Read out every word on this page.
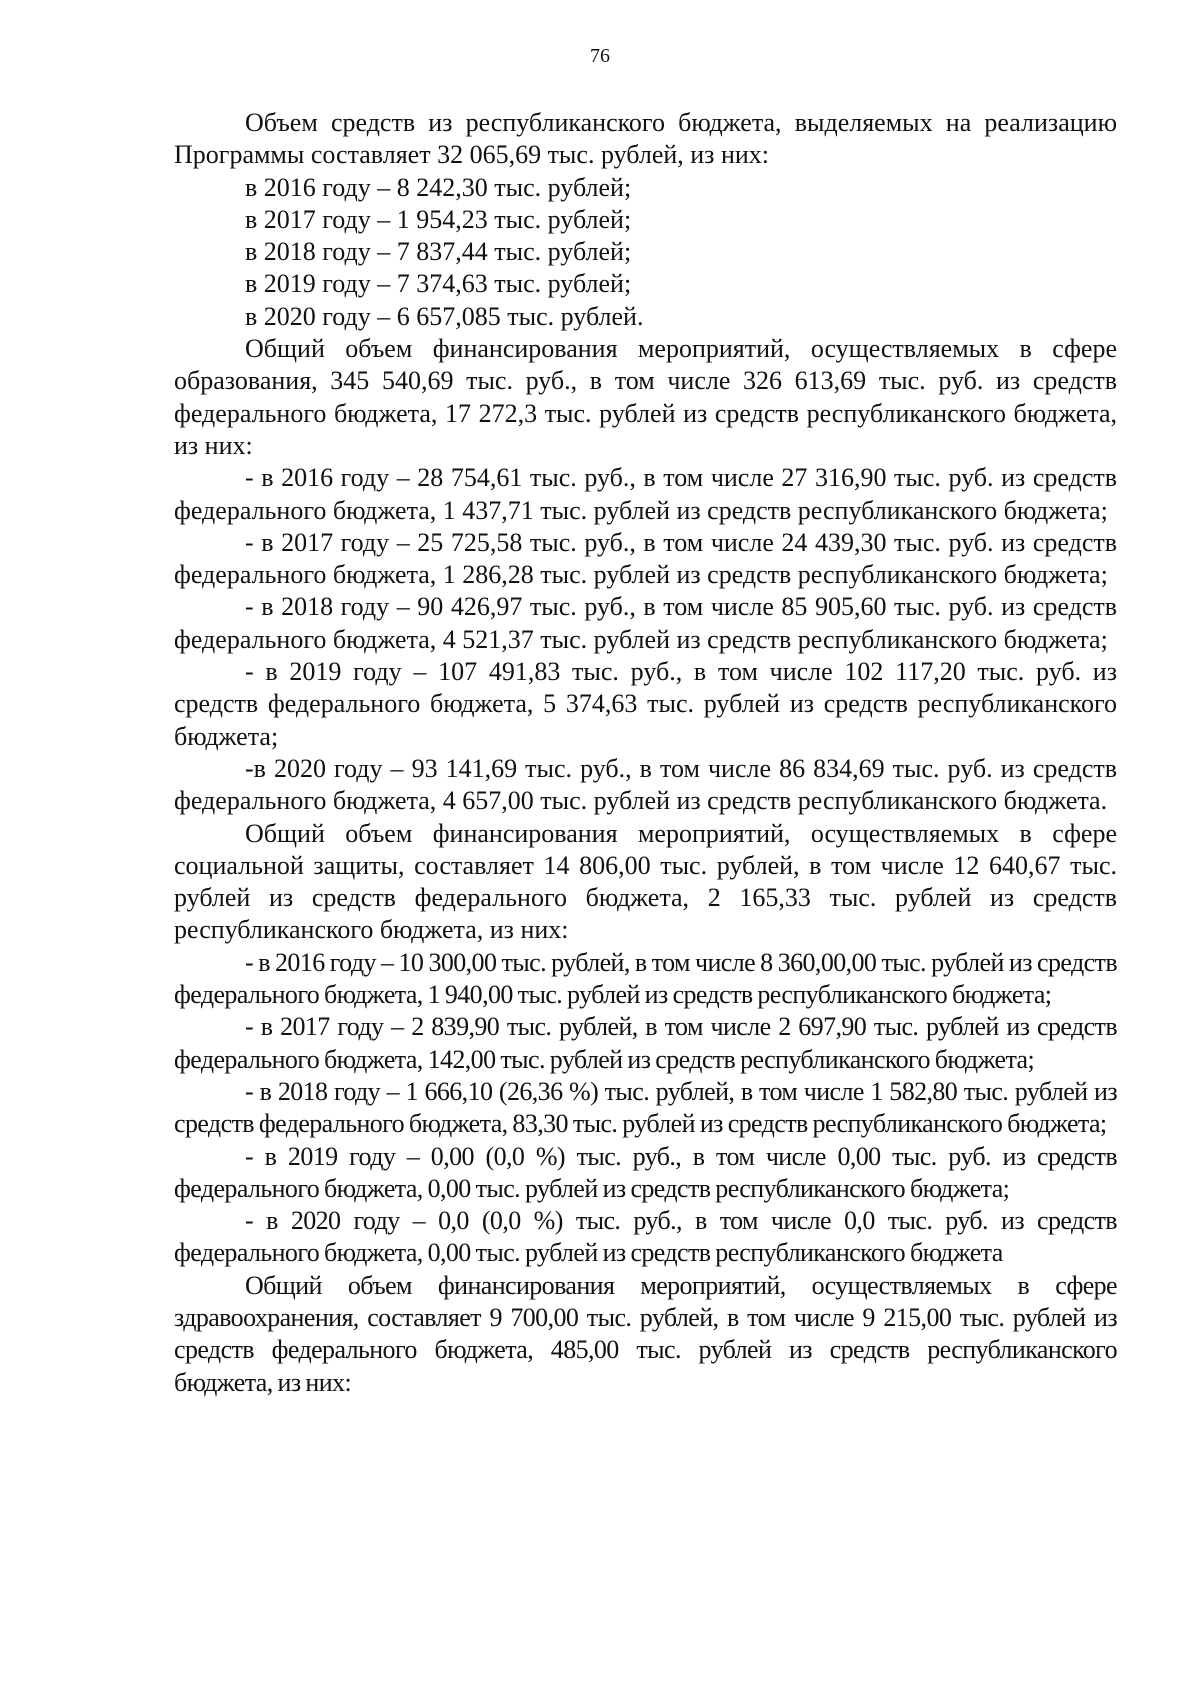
76

Объем средств из республиканского бюджета, выделяемых на реализацию Программы составляет 32 065,69 тыс. рублей, из них:

в 2016 году – 8 242,30 тыс. рублей;

в 2017 году – 1 954,23 тыс. рублей;

в 2018 году – 7 837,44 тыс. рублей;

в 2019 году – 7 374,63 тыс. рублей;

в 2020 году – 6 657,085 тыс. рублей.

Общий объем финансирования мероприятий, осуществляемых в сфере образования, 345 540,69 тыс. руб., в том числе 326 613,69 тыс. руб. из средств федерального бюджета, 17 272,3 тыс. рублей из средств республиканского бюджета, из них:

- в 2016 году – 28 754,61 тыс. руб., в том числе 27 316,90 тыс. руб. из средств федерального бюджета, 1 437,71 тыс. рублей из средств республиканского бюджета;

- в 2017 году – 25 725,58 тыс. руб., в том числе 24 439,30 тыс. руб. из средств федерального бюджета, 1 286,28 тыс. рублей из средств республиканского бюджета;

- в 2018 году – 90 426,97 тыс. руб., в том числе 85 905,60 тыс. руб. из средств федерального бюджета, 4 521,37 тыс. рублей из средств республиканского бюджета;

- в 2019 году – 107 491,83 тыс. руб., в том числе 102 117,20 тыс. руб. из средств федерального бюджета, 5 374,63 тыс. рублей из средств республиканского бюджета;

-в 2020 году – 93 141,69 тыс. руб., в том числе 86 834,69 тыс. руб. из средств федерального бюджета, 4 657,00 тыс. рублей из средств республиканского бюджета.

Общий объем финансирования мероприятий, осуществляемых в сфере социальной защиты, составляет 14 806,00 тыс. рублей, в том числе 12 640,67 тыс. рублей из средств федерального бюджета, 2 165,33 тыс. рублей из средств республиканского бюджета, из них:

- в 2016 году – 10 300,00 тыс. рублей, в том числе 8 360,00,00 тыс. рублей из средств федерального бюджета, 1 940,00 тыс. рублей из средств республиканского бюджета;

- в 2017 году – 2 839,90 тыс. рублей, в том числе 2 697,90 тыс. рублей из средств федерального бюджета, 142,00 тыс. рублей из средств республиканского бюджета;

- в 2018 году – 1 666,10 (26,36 %) тыс. рублей, в том числе 1 582,80 тыс. рублей из средств федерального бюджета, 83,30 тыс. рублей из средств республиканского бюджета;

- в 2019 году – 0,00 (0,0 %) тыс. руб., в том числе 0,00 тыс. руб. из средств федерального бюджета, 0,00 тыс. рублей из средств республиканского бюджета;

- в 2020 году – 0,0 (0,0 %) тыс. руб., в том числе 0,0 тыс. руб. из средств федерального бюджета, 0,00 тыс. рублей из средств республиканского бюджета

Общий объем финансирования мероприятий, осуществляемых в сфере здравоохранения, составляет 9 700,00 тыс. рублей, в том числе 9 215,00 тыс. рублей из средств федерального бюджета, 485,00 тыс. рублей из средств республиканского бюджета, из них:
